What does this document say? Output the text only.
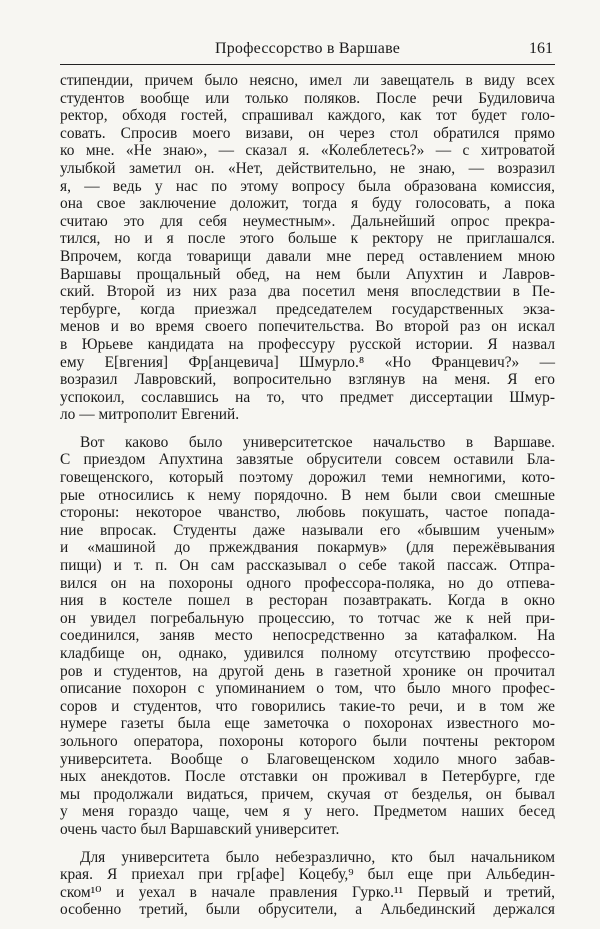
Профессорство в Варшаве	161
стипендии, причем было неясно, имел ли завещатель в виду всех
студентов вообще или только поляков. После речи Будиловича
ректор, обходя гостей, спрашивал каждого, как тот будет голо-
совать. Спросив моего визави, он через стол обратился прямо
ко мне. «Не знаю», — сказал я. «Колеблетесь?» — с хитроватой
улыбкой заметил он. «Нет, действительно, не знаю, — возразил
я, — ведь у нас по этому вопросу была образована комиссия,
она свое заключение доложит, тогда я буду голосовать, а пока
считаю это для себя неуместным». Дальнейший опрос прекра-
тился, но и я после этого больше к ректору не приглашался.
Впрочем, когда товарищи давали мне перед оставлением мною
Варшавы прощальный обед, на нем были Апухтин и Лавров-
ский. Второй из них раза два посетил меня впоследствии в Пе-
тербурге, когда приезжал председателем государственных экза-
менов и во время своего попечительства. Во второй раз он искал
в Юрьеве кандидата на профессуру русской истории. Я назвал
ему Е[вгения] Фр[анцевича] Шмурло.⁸ «Но Францевич?» —
возразил Лавровский, вопросительно взглянув на меня. Я его
успокоил, сославшись на то, что предмет диссертации Шмур-
ло — митрополит Евгений.
Вот каково было университетское начальство в Варшаве.
С приездом Апухтина завзятые обрусители совсем оставили Бла-
говещенского, который поэтому дорожил теми немногими, кото-
рые относились к нему порядочно. В нем были свои смешные
стороны: некоторое чванство, любовь покушать, частое попада-
ние впросак. Студенты даже называли его «бывшим ученым»
и «машиной до пржеждвания покармув» (для пережёвывания
пищи) и т. п. Он сам рассказывал о себе такой пассаж. Отпра-
вился он на похороны одного профессора-поляка, но до отпева-
ния в костеле пошел в ресторан позавтракать. Когда в окно
он увидел погребальную процессию, то тотчас же к ней при-
соединился, заняв место непосредственно за катафалком. На
кладбище он, однако, удивился полному отсутствию профессо-
ров и студентов, на другой день в газетной хронике он прочитал
описание похорон с упоминанием о том, что было много профес-
соров и студентов, что говорились такие-то речи, и в том же
нумере газеты была еще заметочка о похоронах известного мо-
зольного оператора, похороны которого были почтены ректором
университета. Вообще о Благовещенском ходило много забав-
ных анекдотов. После отставки он проживал в Петербурге, где
мы продолжали видаться, причем, скучая от безделья, он бывал
у меня гораздо чаще, чем я у него. Предметом наших бесед
очень часто был Варшавский университет.
Для университета было небезразлично, кто был начальником
края. Я приехал при гр[афе] Коцебу,⁹ был еще при Альбедин-
ском¹⁰ и уехал в начале правления Гурко.¹¹ Первый и третий,
особенно третий, были обрусители, а Альбединский держался
